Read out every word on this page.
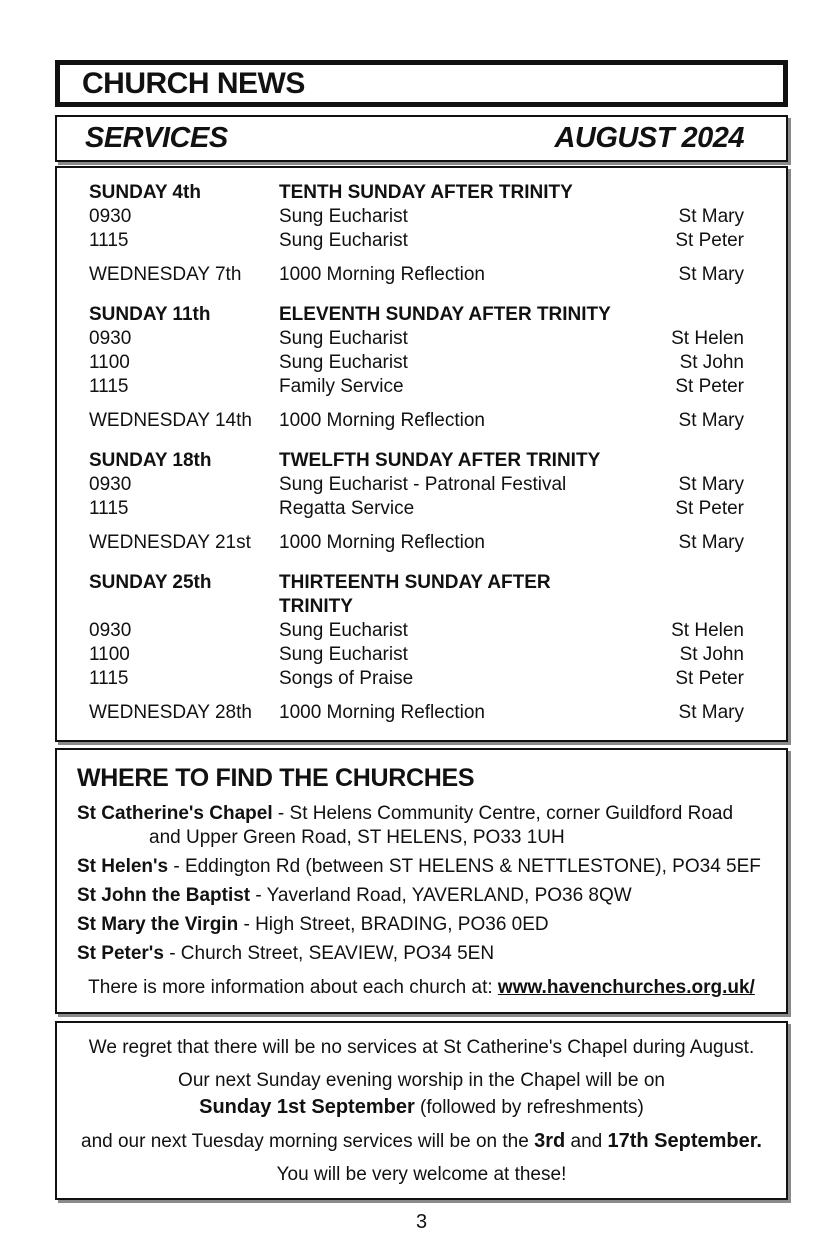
CHURCH NEWS
SERVICES	AUGUST 2024
SUNDAY 4th	TENTH SUNDAY AFTER TRINITY
0930	Sung Eucharist	St Mary
1115	Sung Eucharist	St Peter
WEDNESDAY 7th	1000 Morning Reflection	St Mary
SUNDAY 11th	ELEVENTH SUNDAY AFTER TRINITY
0930	Sung Eucharist	St Helen
1100	Sung Eucharist	St John
1115	Family Service	St Peter
WEDNESDAY 14th	1000 Morning Reflection	St Mary
SUNDAY 18th	TWELFTH SUNDAY AFTER TRINITY
0930	Sung Eucharist - Patronal Festival	St Mary
1115	Regatta Service	St Peter
WEDNESDAY 21st	1000 Morning Reflection	St Mary
SUNDAY 25th	THIRTEENTH SUNDAY AFTER TRINITY
0930	Sung Eucharist	St Helen
1100	Sung Eucharist	St John
1115	Songs of Praise	St Peter
WEDNESDAY 28th	1000 Morning Reflection	St Mary
WHERE TO FIND THE CHURCHES
St Catherine's Chapel - St Helens Community Centre, corner Guildford Road
and Upper Green Road, ST HELENS, PO33 1UH
St Helen's - Eddington Rd (between ST HELENS & NETTLESTONE), PO34 5EF
St John the Baptist - Yaverland Road, YAVERLAND, PO36 8QW
St Mary the Virgin - High Street, BRADING, PO36 0ED
St Peter's - Church Street, SEAVIEW, PO34 5EN
There is more information about each church at: www.havenchurches.org.uk/
We regret that there will be no services at St Catherine's Chapel during August.
Our next Sunday evening worship in the Chapel will be on
Sunday 1st September (followed by refreshments)
and our next Tuesday morning services will be on the 3rd and 17th September.
You will be very welcome at these!
3
